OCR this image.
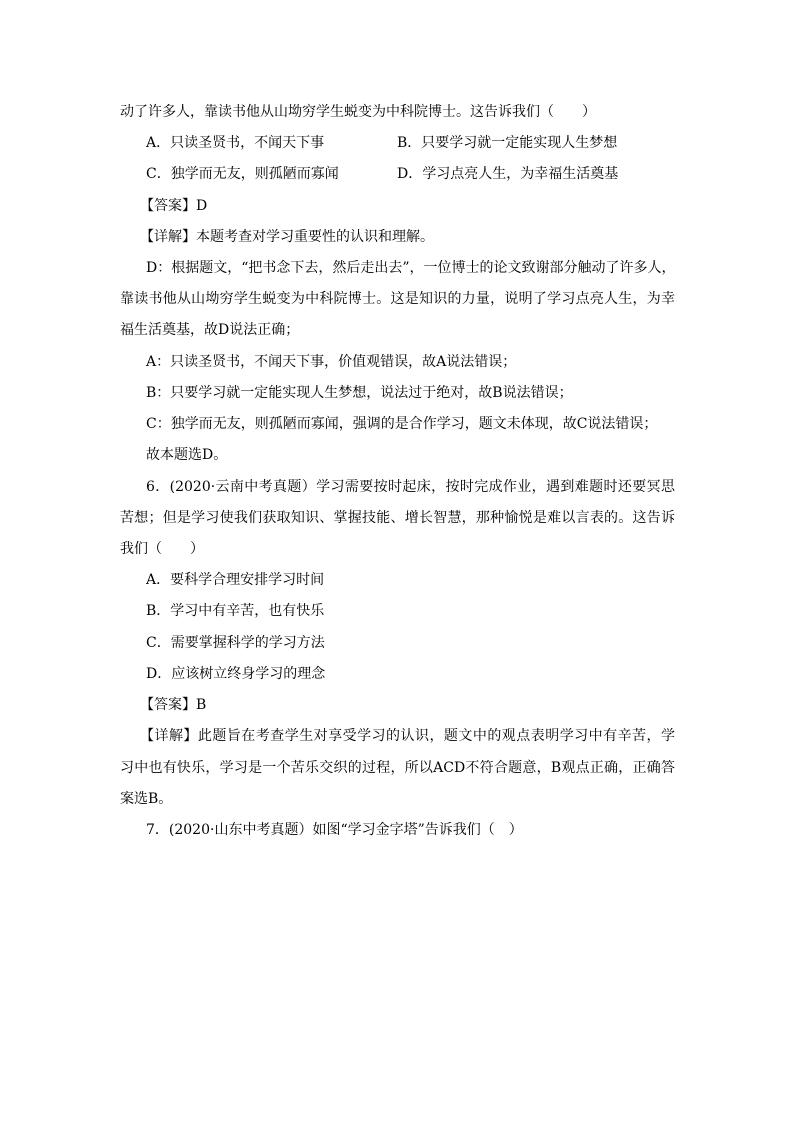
动了许多人，靠读书他从山坳穷学生蜕变为中科院博士。这告诉我们（　　）
A．只读圣贤书，不闻天下事	B．只要学习就一定能实现人生梦想
C．独学而无友，则孤陋而寡闻	D．学习点亮人生，为幸福生活奠基
【答案】D
【详解】本题考查对学习重要性的认识和理解。
D：根据题文，“把书念下去，然后走出去”，一位博士的论文致谢部分触动了许多人，
靠读书他从山坳穷学生蜕变为中科院博士。这是知识的力量，说明了学习点亮人生，为幸
福生活奠基，故D说法正确；
A：只读圣贤书，不闻天下事，价值观错误，故A说法错误；
B：只要学习就一定能实现人生梦想，说法过于绝对，故B说法错误；
C：独学而无友，则孤陋而寡闻，强调的是合作学习，题文未体现，故C说法错误；
故本题选D。
6．(2020·云南中考真题）学习需要按时起床，按时完成作业，遇到难题时还要冥思
苦想；但是学习使我们获取知识、掌握技能、增长智慧，那种愉悦是难以言表的。这告诉
我们（　　）
A．要科学合理安排学习时间
B．学习中有辛苦，也有快乐
C．需要掌握科学的学习方法
D．应该树立终身学习的理念
【答案】B
【详解】此题旨在考查学生对享受学习的认识，题文中的观点表明学习中有辛苦，学
习中也有快乐，学习是一个苦乐交织的过程，所以ACD不符合题意，B观点正确，正确答
案选B。
7．(2020·山东中考真题）如图“学习金字塔”告诉我们（　）
